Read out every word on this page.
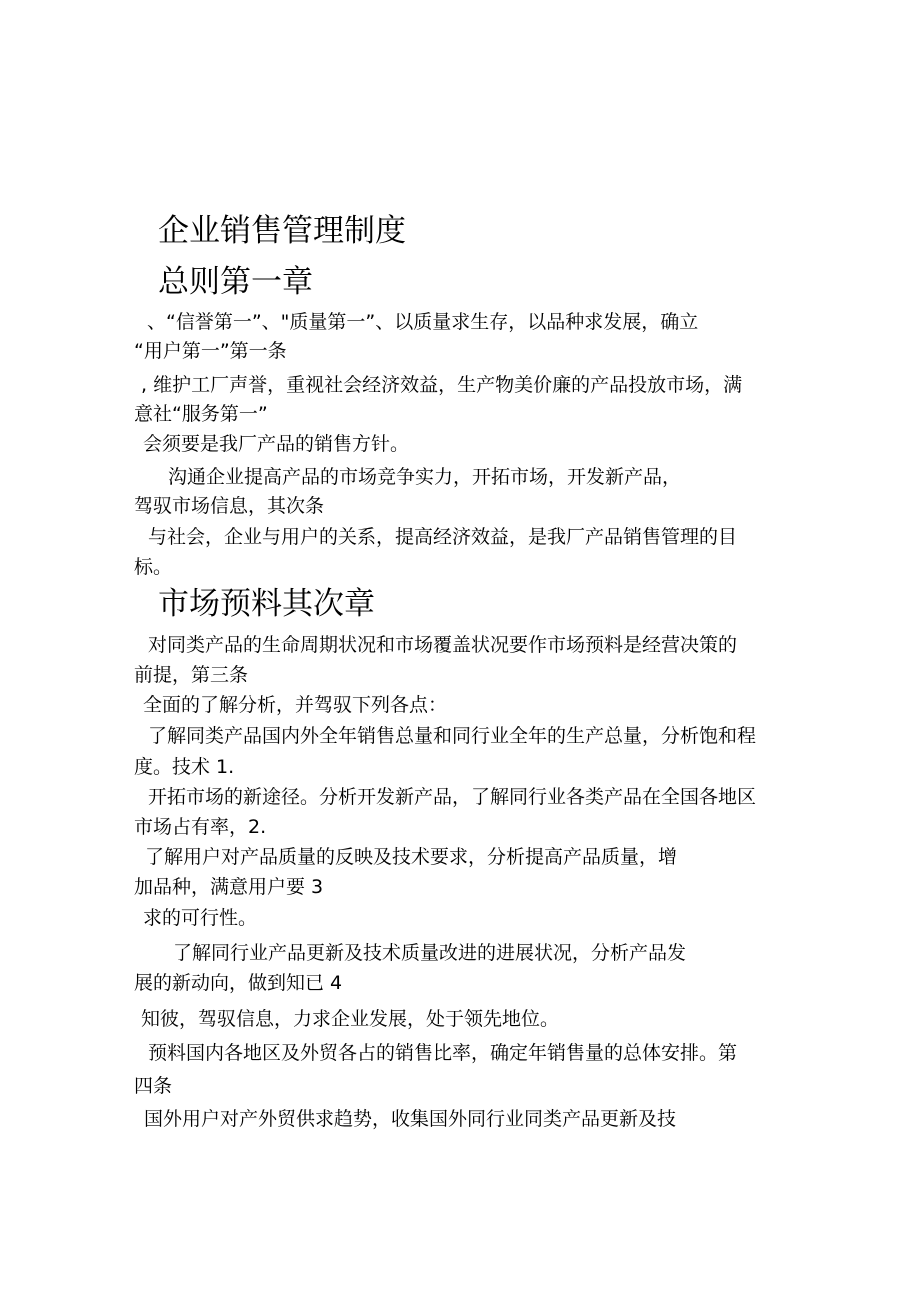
企业销售管理制度
总则第一章
、“信誉第一”、"质量第一”、以质量求生存，以品种求发展，确立
“用户第一”第一条
, 维护工厂声誉，重视社会经济效益，生产物美价廉的产品投放市场，满
意社“服务第一”
会须要是我厂产品的销售方针。
沟通企业提高产品的市场竞争实力，开拓市场，开发新产品，
驾驭市场信息，其次条
与社会，企业与用户的关系，提高经济效益，是我厂产品销售管理的目
标。
市场预料其次章
对同类产品的生命周期状况和市场覆盖状况要作市场预料是经营决策的
前提，第三条
全面的了解分析，并驾驭下列各点：
了解同类产品国内外全年销售总量和同行业全年的生产总量，分析饱和程
度。技术 1.
开拓市场的新途径。分析开发新产品，了解同行业各类产品在全国各地区
市场占有率，2.
了解用户对产品质量的反映及技术要求，分析提高产品质量，增
加品种，满意用户要 3
求的可行性。
了解同行业产品更新及技术质量改进的进展状况，分析产品发
展的新动向，做到知已 4
知彼，驾驭信息，力求企业发展，处于领先地位。
预料国内各地区及外贸各占的销售比率，确定年销售量的总体安排。第
四条
国外用户对产外贸供求趋势，收集国外同行业同类产品更新及技
